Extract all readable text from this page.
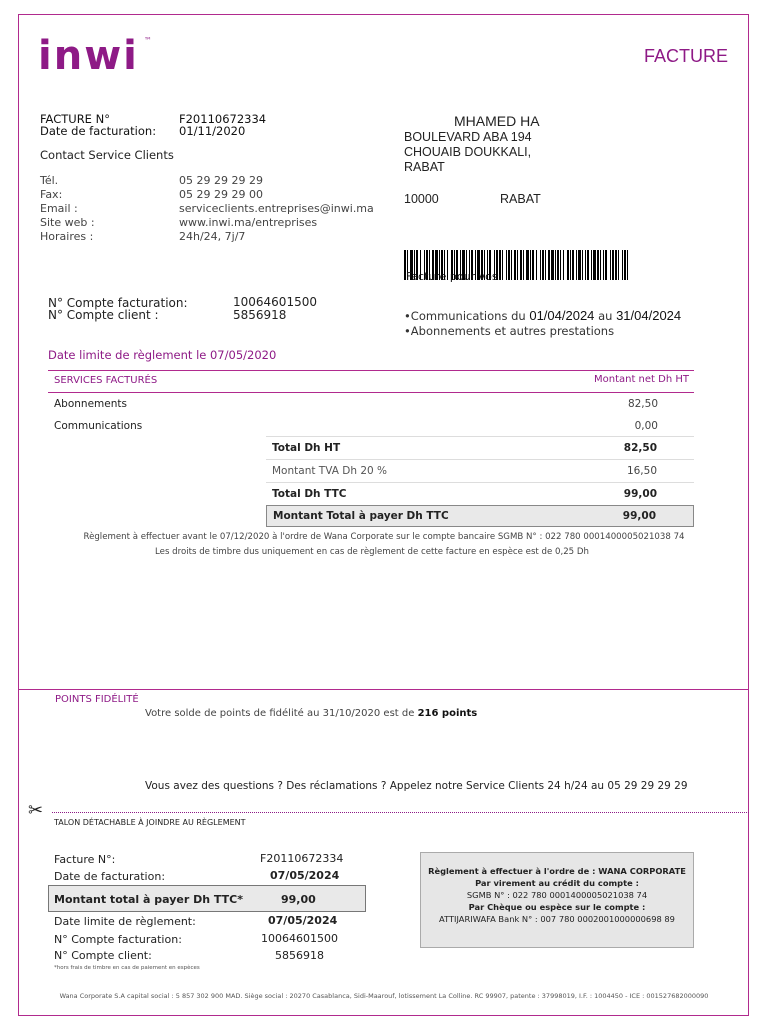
inwi ™
FACTURE
FACTURE N°	F20110672334
Date de facturation: 01/11/2020
Contact Service Clients
Tél.	05 29 29 29 29
Fax:	05 29 29 29 00
Email :	serviceclients.entreprises@inwi.ma
Site web :	www.inwi.ma/entreprises
Horaires :	24h/24, 7j/7
MHAMED HA
BOULEVARD ABA 194
CHOUAIB DOUKKALI,
RABAT
10000	RABAT
Facture pour vos:
N° Compte facturation:	10064601500
N° Compte client :	5856918	•Communications du 01/04/2024 au 31/04/2024
•Abonnements et autres prestations
Date limite de règlement le 07/05/2020
SERVICES FACTURÉS	Montant net Dh HT
Abonnements	82,50
Communications	0,00
Total Dh HT	82,50
Montant TVA Dh 20 %	16,50
Total Dh TTC	99,00
Montant Total à payer Dh TTC	99,00
Règlement à effectuer avant le 07/12/2020 à l'ordre de Wana Corporate sur le compte bancaire SGMB N° : 022 780 0001400005021038 74
Les droits de timbre dus uniquement en cas de règlement de cette facture en espèce est de 0,25 Dh
POINTS FIDÉLITÉ
Votre solde de points de fidélité au 31/10/2020 est de 216 points
Vous avez des questions ? Des réclamations ? Appelez notre Service Clients 24 h/24 au 05 29 29 29 29
✂
TALON DÉTACHABLE À JOINDRE AU RÈGLEMENT
Facture N°:	F20110672334
Date de facturation:	07/05/2024
Montant total à payer Dh TTC*	99,00
Date limite de règlement:	07/05/2024
N° Compte facturation:	10064601500
N° Compte client:	5856918
*hors frais de timbre en cas de paiement en espèces
Règlement à effectuer à l'ordre de : WANA CORPORATE
Par virement au crédit du compte :
SGMB N° : 022 780 0001400005021038 74
Par Chèque ou espèce sur le compte :
ATTIJARIWAFA Bank N° : 007 780 0002001000000698 89
Wana Corporate S.A capital social : 5 857 302 900 MAD. Siège social : 20270 Casablanca, Sidi-Maarouf, lotissement La Colline. RC 99907, patente : 37998019, I.F. : 1004450 - ICE : 001527682000090
